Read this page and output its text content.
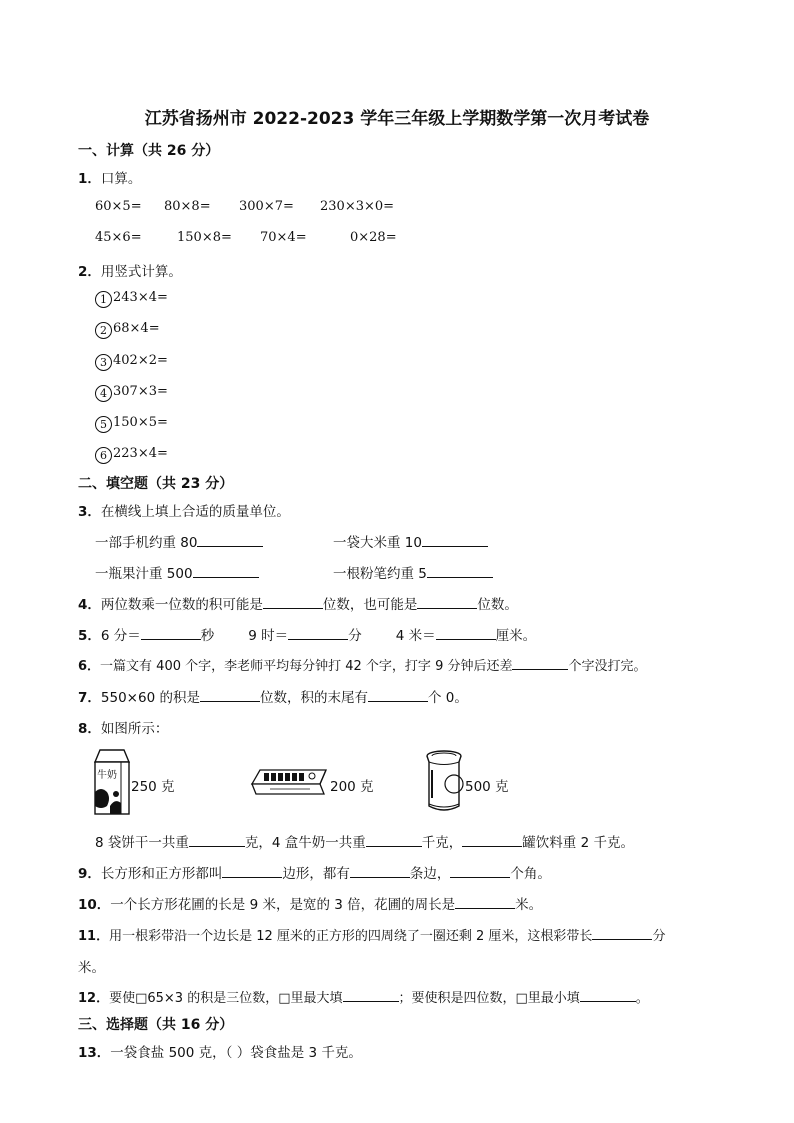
江苏省扬州市 2022-2023 学年三年级上学期数学第一次月考试卷
一、计算（共 26 分）
1．口算。
60×5= 80×8= 300×7= 230×3×0=
45×6=	150×8= 70×4=	0×28=
2．用竖式计算。
1 243×4=
2 68×4=
3 402×2=
4 307×3=
5 150×5=
6 223×4=
二、填空题（共 23 分）
3．在横线上填上合适的质量单位。
一部手机约重 80	一袋大米重 10
一瓶果汁重 500	一根粉笔约重 5
4．两位数乘一位数的积可能是	位数，也可能是	位数。
5．6 分＝	秒	9 时＝	分	4 米＝	厘米。
6．一篇文有 400 个字，李老师平均每分钟打 42 个字，打字 9 分钟后还差	个字没打完。
7．550×60 的积是	位数，积的末尾有	个 0。
8．如图所示：
牛奶
250 克	200 克	500 克
8 袋饼干一共重	克，4 盒牛奶一共重	千克，	罐饮料重 2 千克。
9．长方形和正方形都叫	边形，都有	条边，	个角。
10．一个长方形花圃的长是 9 米，是宽的 3 倍，花圃的周长是	米。
11．用一根彩带沿一个边长是 12 厘米的正方形的四周绕了一圈还剩 2 厘米，这根彩带长	分
米。
12．要使□65×3 的积是三位数，□里最大填	；要使积是四位数，□里最小填	。
三、选择题（共 16 分）
13．一袋食盐 500 克，（ ）袋食盐是 3 千克。
